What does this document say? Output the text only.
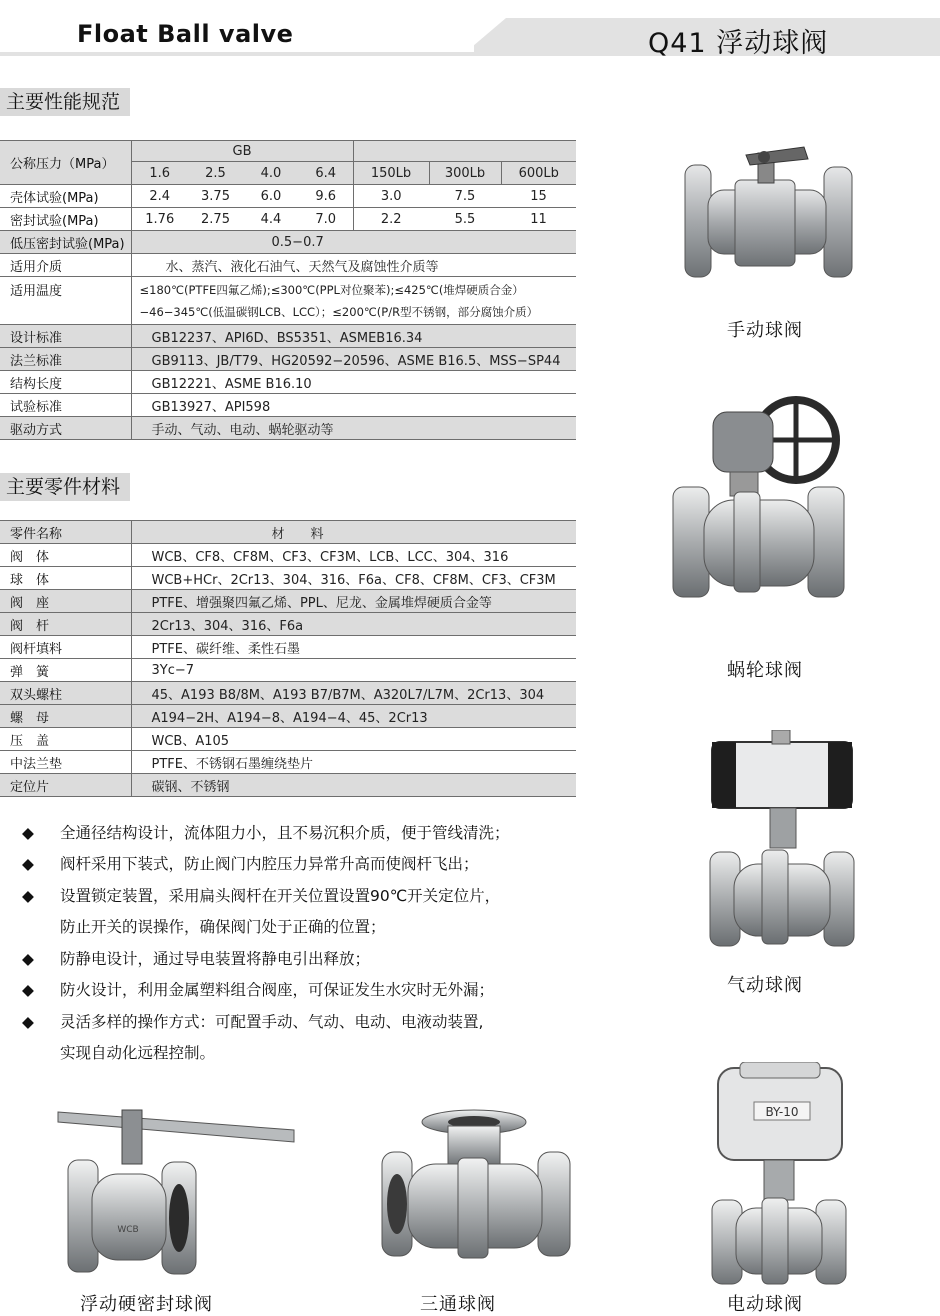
Float Ball valve	Q41 浮动球阀
主要性能规范
公称压力（MPa）	GB						
	1.6	2.5	4.0	6.4	150Lb	300Lb	600Lb
壳体试验(MPa)	2.4	3.75	6.0	9.6	3.0	7.5	15
密封试验(MPa)	1.76	2.75	4.4	7.0	2.2	5.5	11
低压密封试验(MPa)	0.5−0.7						
适用介质	水、蒸汽、液化石油气、天然气及腐蚀性介质等						
适用温度	≤180℃(PTFE四氟乙烯);≤300℃(PPL对位聚苯);≤425℃(堆焊硬质合金）
−46−345℃(低温碳钢LCB、LCC）；≤200℃(P/R型不锈钢，部分腐蚀介质）						

设计标准	GB12237、API6D、BS5351、ASMEB16.34						
法兰标准	GB9113、JB/T79、HG20592−20596、ASME B16.5、MSS−SP44						
结构长度	GB12221、ASME B16.10						
试验标准	GB13927、API598						
驱动方式	手动、气动、电动、蜗轮驱动等						
主要零件材料
零件名称	材　　料
阀　体	WCB、CF8、CF8M、CF3、CF3M、LCB、LCC、304、316
球　体	WCB+HCr、2Cr13、304、316、F6a、CF8、CF8M、CF3、CF3M
阀　座	PTFE、增强聚四氟乙烯、PPL、尼龙、金属堆焊硬质合金等
阀　杆	2Cr13、304、316、F6a
阀杆填料	PTFE、碳纤维、柔性石墨
弹　簧	3Yc−7
双头螺柱	45、A193 B8/8M、A193 B7/B7M、A320L7/L7M、2Cr13、304
螺　母	A194−2H、A194−8、A194−4、45、2Cr13
压　盖	WCB、A105
中法兰垫	PTFE、不锈钢石墨缠绕垫片
定位片	碳钢、不锈钢
◆ 全通径结构设计，流体阻力小，且不易沉积介质，便于管线清洗；
◆ 阀杆采用下装式，防止阀门内腔压力异常升高而使阀杆飞出；
◆ 设置锁定装置，采用扁头阀杆在开关位置设置90℃开关定位片，
防止开关的误操作，确保阀门处于正确的位置；
◆ 防静电设计，通过导电装置将静电引出释放；
◆ 防火设计，利用金属塑料组合阀座，可保证发生水灾时无外漏；
◆ 灵活多样的操作方式：可配置手动、气动、电动、电液动装置,
实现自动化远程控制。
手动球阀
蜗轮球阀
气动球阀
BY-10
电动球阀
WCB
浮动硬密封球阀	三通球阀
